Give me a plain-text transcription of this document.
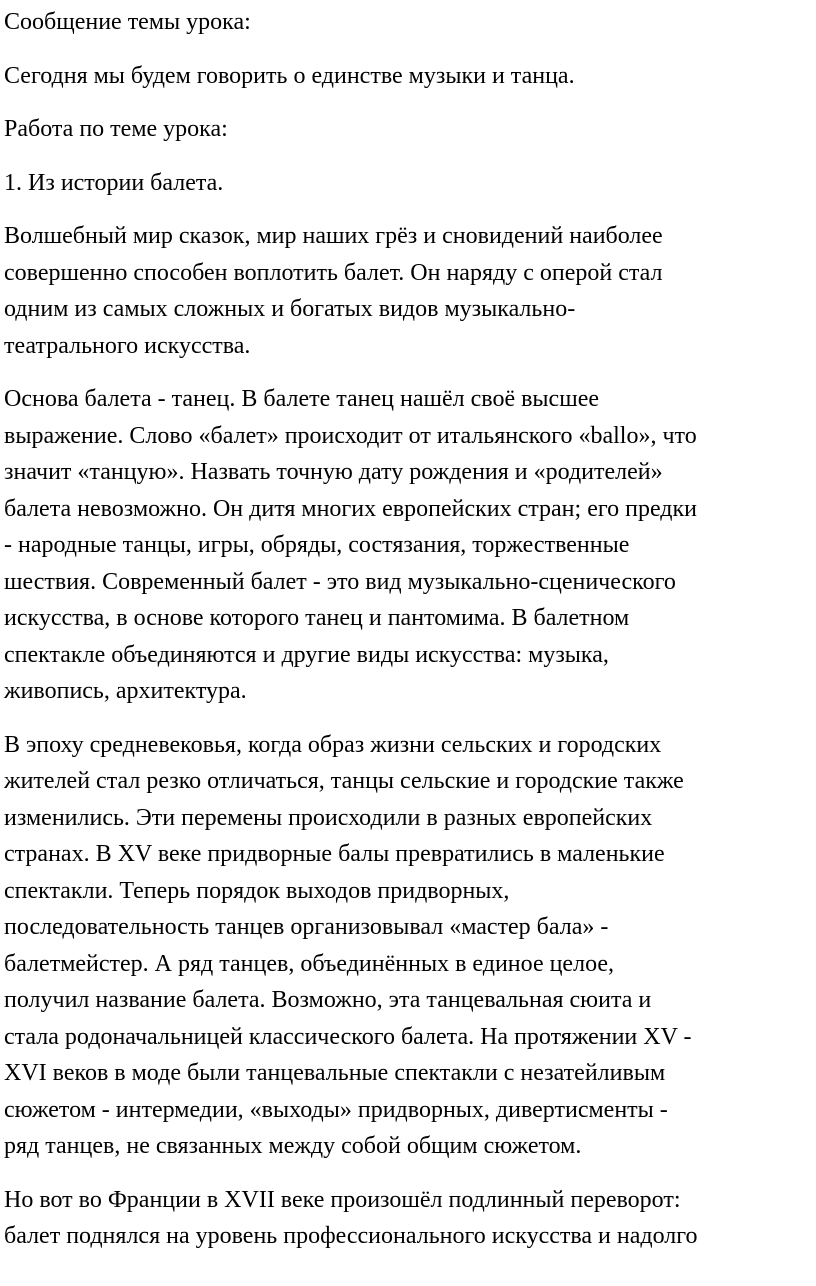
Сообщение темы урока:

Сегодня мы будем говорить о единстве музыки и танца.

Работа по теме урока:

1. Из истории балета.

Волшебный мир сказок, мир наших грёз и сновидений наиболее
совершенно способен воплотить балет. Он наряду с оперой стал
одним из самых сложных и богатых видов музыкально-
театрального искусства.

Основа балета - танец. В балете танец нашёл своё высшее
выражение. Слово «балет» происходит от итальянского «ballo», что
значит «танцую». Назвать точную дату рождения и «родителей»
балета невозможно. Он дитя многих европейских стран; его предки
- народные танцы, игры, обряды, состязания, торжественные
шествия. Современный балет - это вид музыкально-сценического
искусства, в основе которого танец и пантомима. В балетном
спектакле объединяются и другие виды искусства: музыка,
живопись, архитектура.

В эпоху средневековья, когда образ жизни сельских и городских
жителей стал резко отличаться, танцы сельские и городские также
изменились. Эти перемены происходили в разных европейских
странах. В XV веке придворные балы превратились в маленькие
спектакли. Теперь порядок выходов придворных,
последовательность танцев организовывал «мастер бала» -
балетмейстер. А ряд танцев, объединённых в единое целое,
получил название балета. Возможно, эта танцевальная сюита и
стала родоначальницей классического балета. На протяжении XV -
XVI веков в моде были танцевальные спектакли с незатейливым
сюжетом - интермедии, «выходы» придворных, дивертисменты -
ряд танцев, не связанных между собой общим сюжетом.

Но вот во Франции в XVII веке произошёл подлинный переворот:
балет поднялся на уровень профессионального искусства и надолго
